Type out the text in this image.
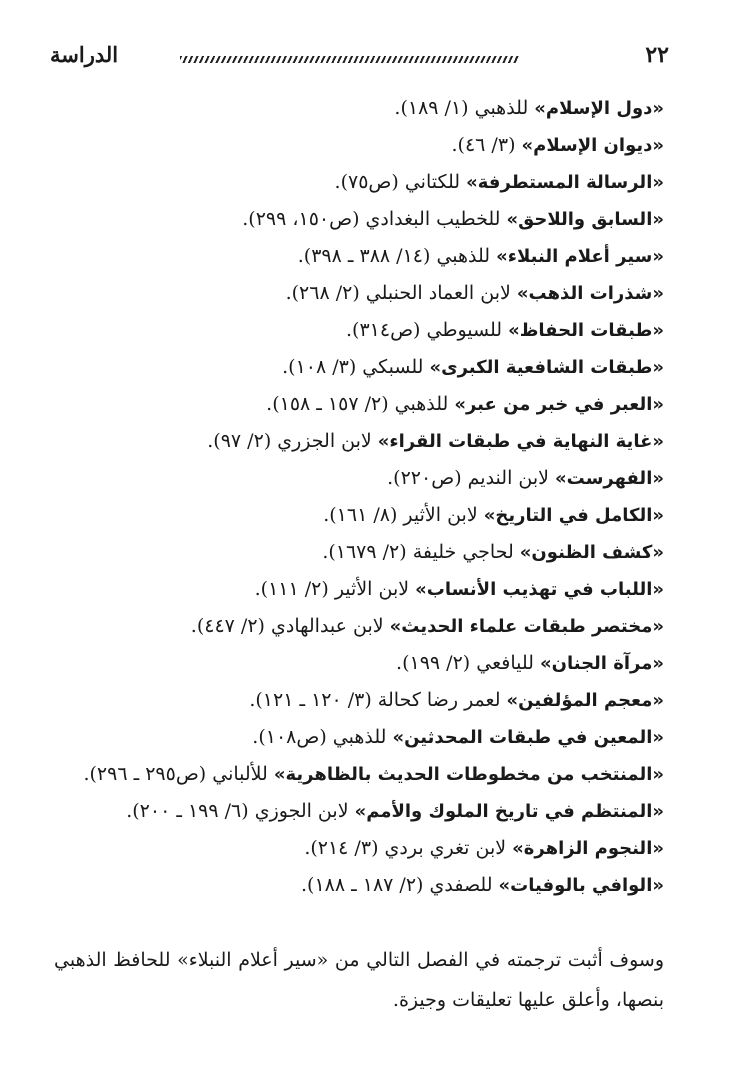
٢٢
الدراسة
«دول الإسلام» للذهبي (١/ ١٨٩).
«ديوان الإسلام» (٣/ ٤٦).
«الرسالة المستطرفة» للكتاني (ص٧٥).
«السابق واللاحق» للخطيب البغدادي (ص١٥٠، ٢٩٩).
«سير أعلام النبلاء» للذهبي (١٤/ ٣٨٨ ـ ٣٩٨).
«شذرات الذهب» لابن العماد الحنبلي (٢/ ٢٦٨).
«طبقات الحفاظ» للسيوطي (ص٣١٤).
«طبقات الشافعية الكبرى» للسبكي (٣/ ١٠٨).
«العبر في خبر من عبر» للذهبي (٢/ ١٥٧ ـ ١٥٨).
«غاية النهاية في طبقات القراء» لابن الجزري (٢/ ٩٧).
«الفهرست» لابن النديم (ص٢٢٠).
«الكامل في التاريخ» لابن الأثير (٨/ ١٦١).
«كشف الظنون» لحاجي خليفة (٢/ ١٦٧٩).
«اللباب في تهذيب الأنساب» لابن الأثير (٢/ ١١١).
«مختصر طبقات علماء الحديث» لابن عبدالهادي (٢/ ٤٤٧).
«مرآة الجنان» لليافعي (٢/ ١٩٩).
«معجم المؤلفين» لعمر رضا كحالة (٣/ ١٢٠ ـ ١٢١).
«المعين في طبقات المحدثين» للذهبي (ص١٠٨).
«المنتخب من مخطوطات الحديث بالظاهرية» للألباني (ص٢٩٥ ـ ٢٩٦).
«المنتظم في تاريخ الملوك والأمم» لابن الجوزي (٦/ ١٩٩ ـ ٢٠٠).
«النجوم الزاهرة» لابن تغري بردي (٣/ ٢١٤).
«الوافي بالوفيات» للصفدي (٢/ ١٨٧ ـ ١٨٨).

وسوف أثبت ترجمته في الفصل التالي من «سير أعلام النبلاء» للحافظ الذهبي بنصها، وأعلق عليها تعليقات وجيزة.
